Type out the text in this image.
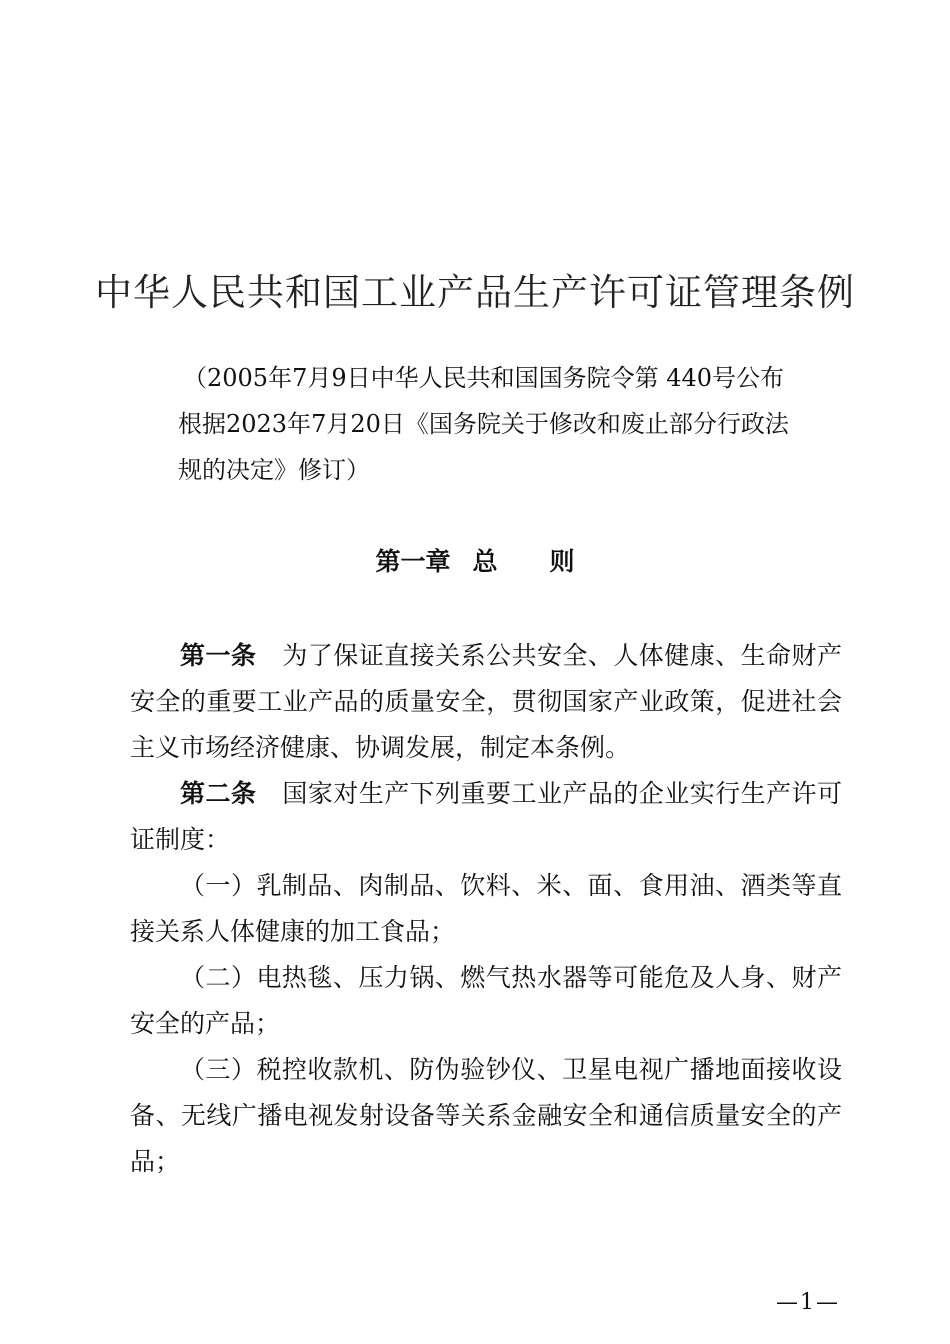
中华人民共和国工业产品生产许可证管理条例
（2005年7月9日中华人民共和国国务院令第 440号公布
根据2023年7月20日《国务院关于修改和废止部分行政法
规的决定》修订）
第一章 总 则
第一条 为了保证直接关系公共安全、人体健康、生命财产
安全的重要工业产品的质量安全，贯彻国家产业政策，促进社会
主义市场经济健康、协调发展，制定本条例。
第二条 国家对生产下列重要工业产品的企业实行生产许可
证制度：
（一）乳制品、肉制品、饮料、米、面、食用油、酒类等直
接关系人体健康的加工食品；
（二）电热毯、压力锅、燃气热水器等可能危及人身、财产
安全的产品；
（三）税控收款机、防伪验钞仪、卫星电视广播地面接收设
备、无线广播电视发射设备等关系金融安全和通信质量安全的产
品；
—1—
